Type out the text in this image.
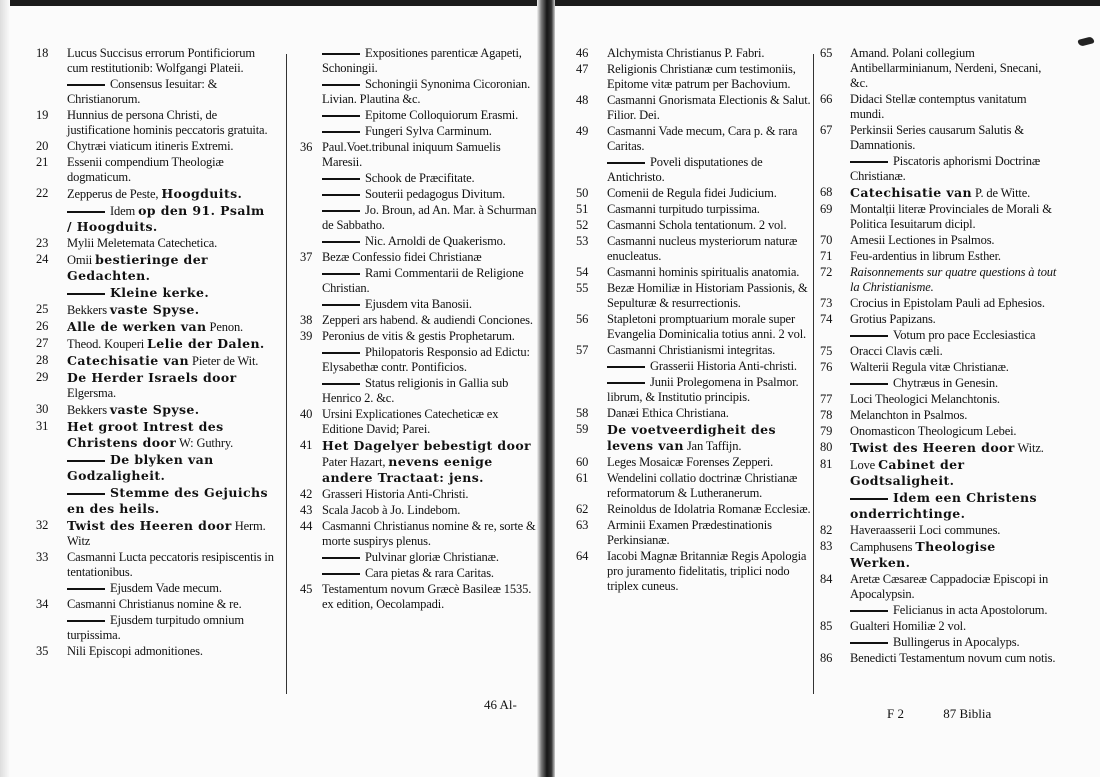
18 Lucus Succisus errorum Pontificiorum cum restitutionib: Wolfgangi Plateii.
Consensus Iesuitar: & Christianorum.
19 Hunnius de persona Christi, de justificatione hominis peccatoris gratuita.
20 Chytræi viaticum itineris Extremi.
21 Essenii compendium Theologiæ dogmaticum.
22 Zepperus de Peste, Hoogduits.
Idem op den 91. Psalm / Hoogduits.
23 Mylii Meletemata Catechetica.
24 Omii bestieringe der Gedachten.
Kleine kerke.
25 Bekkers vaste Spyse.
26 Alle de werken van Penon.
27 Theod. Kouperi Lelie der Dalen.
28 Catechisatie van Pieter de Wit.
29 De Herder Israels door Elgersma.
30 Bekkers vaste Spyse.
31 Het groot Intrest des Christens door W: Guthry.
De blyken van Godzaligheit.
Stemme des Gejuichs en des heils.
32 Twist des Heeren door Herm. Witz
33 Casmanni Lucta peccatoris resipiscentis in tentationibus.
Ejusdem Vade mecum.
34 Casmanni Christianus nomine & re.
Ejusdem turpitudo omnium turpissima.
35 Nili Episcopi admonitiones.
Expositiones parenticæ Agapeti, Schoningii.
Schoningii Synonima Cicoronian. Livian. Plautina &c.
Epitome Colloquiorum Erasmi.
Fungeri Sylva Carminum.
36 Paul.Voet.tribunal iniquum Samuelis Maresii.
Schook de Præcifitate.
Souterii pedagogus Divitum.
Jo. Broun, ad An. Mar. à Schurman de Sabbatho.
Nic. Arnoldi de Quakerismo.
37 Bezæ Confessio fidei Christianæ
Rami Commentarii de Religione Christian.
Ejusdem vita Banosii.
38 Zepperi ars habend. & audiendi Conciones.
39 Peronius de vitis & gestis Prophetarum.
Philopatoris Responsio ad Edictu: Elysabethæ contr. Pontificios.
Status religionis in Gallia sub Henrico 2. &c.
40 Ursini Explicationes Catecheticæ ex Editione David; Parei.
41 Het Dagelyer bebestigt door Pater Hazart, nevens eenige andere Tractaat: jens.
42 Grasseri Historia Anti-Christi.
43 Scala Jacob à Jo. Lindebom.
44 Casmanni Christianus nomine & re, sorte & morte suspirys plenus.
Pulvinar gloriæ Christianæ.
Cara pietas & rara Caritas.
45 Testamentum novum Græcè Basileæ 1535. ex edition, Oecolampadi.
46 Alchymista Christianus P. Fabri.
47 Religionis Christianæ cum testimoniis, Epitome vitæ patrum per Bachovium.
48 Casmanni Gnorismata Electionis & Salut. Filior. Dei.
49 Casmanni Vade mecum, Cara p. & rara Caritas.
Poveli disputationes de Antichristo.
50 Comenii de Regula fidei Judicium.
51 Casmanni turpitudo turpissima.
52 Casmanni Schola tentationum. 2 vol.
53 Casmanni nucleus mysteriorum naturæ enucleatus.
54 Casmanni hominis spiritualis anatomia.
55 Bezæ Homiliæ in Historiam Passionis, & Sepulturæ & resurrectionis.
56 Stapletoni promptuarium morale super Evangelia Dominicalia totius anni. 2 vol.
57 Casmanni Christianismi integritas.
Grasserii Historia Anti-christi.
Junii Prolegomena in Psalmor. librum, & Institutio principis.
58 Danæi Ethica Christiana.
59 De voetveerdigheit des levens van Jan Taffijn.
60 Leges Mosaicæ Forenses Zepperi.
61 Wendelini collatio doctrinæ Christianæ reformatorum & Lutheranerum.
62 Reinoldus de Idolatria Romanæ Ecclesiæ.
63 Arminii Examen Prædestinationis Perkinsianæ.
64 Iacobi Magnæ Britanniæ Regis Apologia pro juramento fidelitatis, triplici nodo triplex cuneus.
65 Amand. Polani collegium Antibellarminianum, Nerdeni, Snecani, &c.
66 Didaci Stellæ contemptus vanitatum mundi.
67 Perkinsii Series causarum Salutis & Damnationis.
Piscatoris aphorismi Doctrinæ Christianæ.
68 Catechisatie van P. de Witte.
69 Montalții literæ Provinciales de Morali & Politica Iesuitarum dicipl.
70 Amesii Lectiones in Psalmos.
71 Feu-ardentius in librum Esther.
72 Raisonnements sur quatre questions à tout la Christianisme.
73 Crocius in Epistolam Pauli ad Ephesios.
74 Grotius Papizans.
Votum pro pace Ecclesiastica
75 Oracci Clavis cæli.
76 Walterii Regula vitæ Christianæ.
Chytræus in Genesin.
77 Loci Theologici Melanchtonis.
78 Melanchton in Psalmos.
79 Onomasticon Theologicum Lebei.
80 Twist des Heeren door Witz.
81 Love Cabinet der Godtsaligheit.
Idem een Christens onderrichtinge.
82 Haveraasserii Loci communes.
83 Camphusens Theologise Werken.
84 Aretæ Cæsareæ Cappadociæ Episcopi in Apocalypsin.
Felicianus in acta Apostolorum.
85 Gualteri Homiliæ 2 vol.
Bullingerus in Apocalyps.
86 Benedicti Testamentum novum cum notis.
46 Al-
F 2	87 Biblia
